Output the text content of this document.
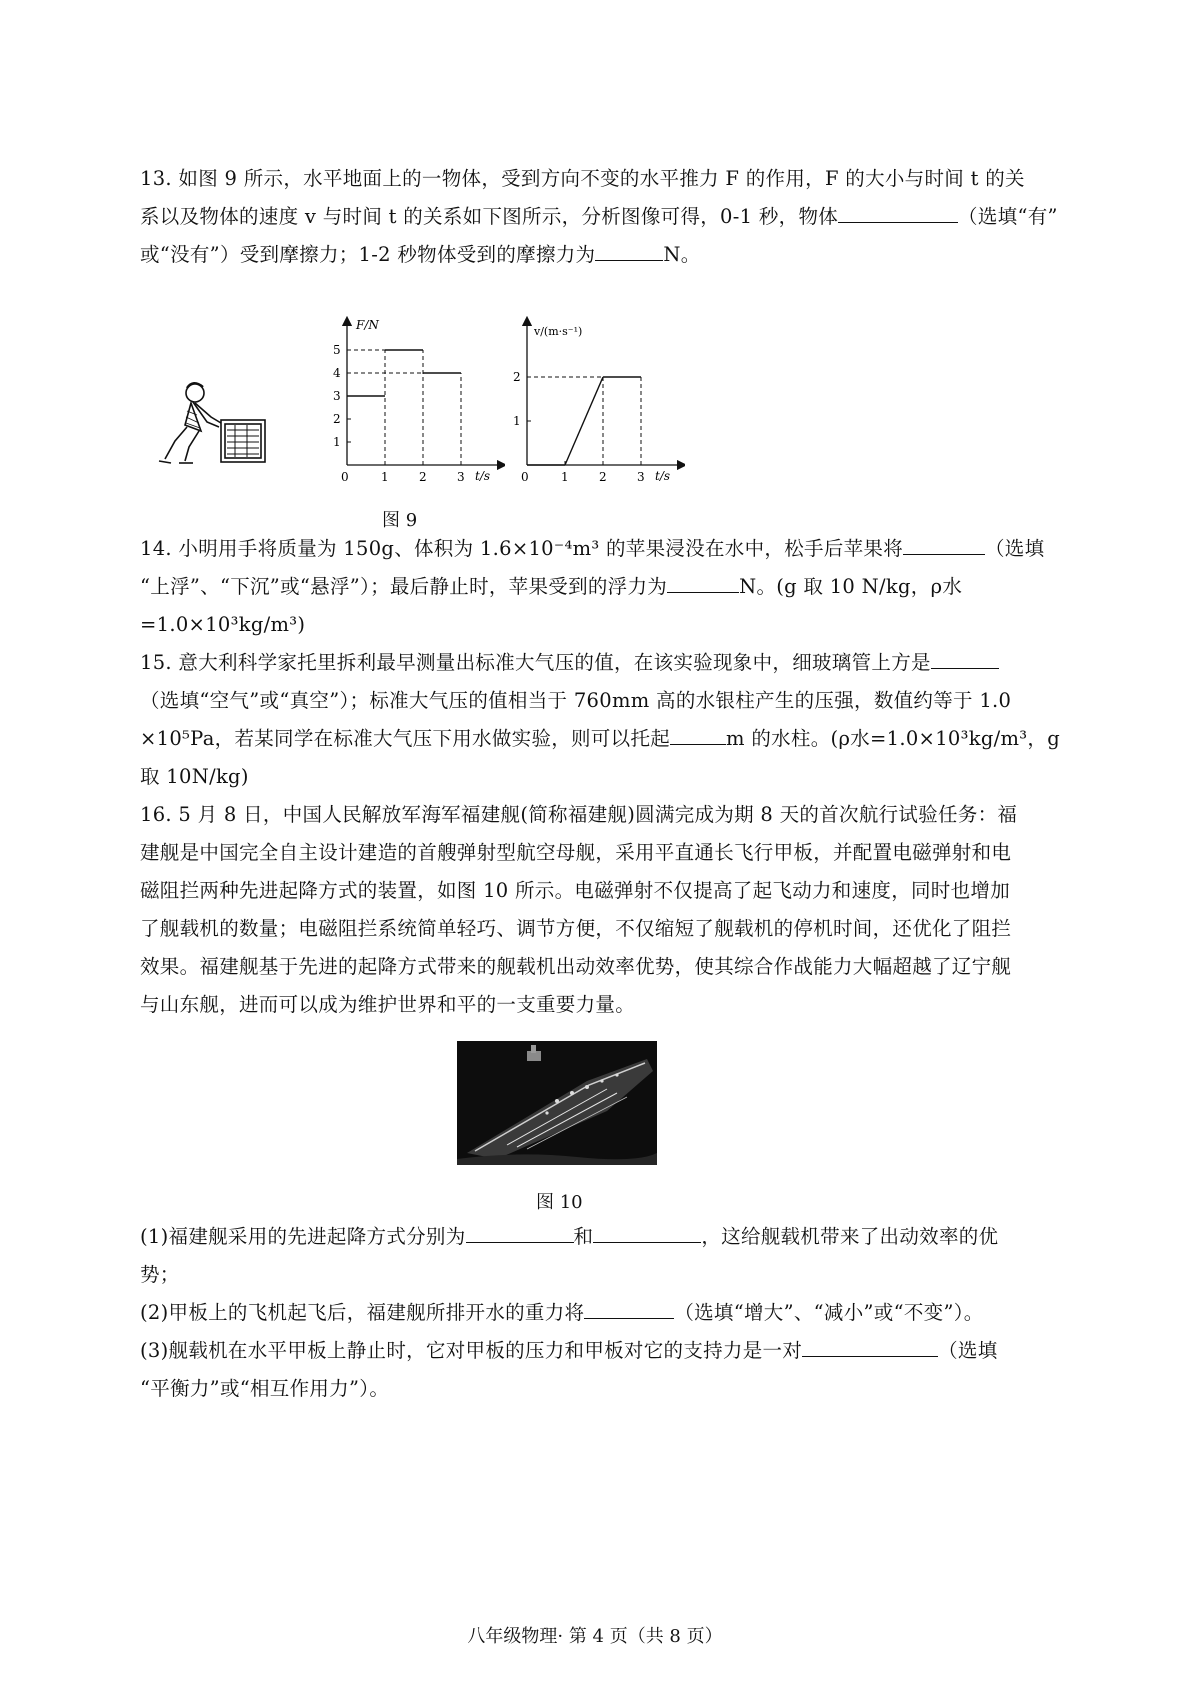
13. 如图 9 所示，水平地面上的一物体，受到方向不变的水平推力 F 的作用，F 的大小与时间 t 的关

系以及物体的速度 v 与时间 t 的关系如下图所示，分析图像可得，0-1 秒，物体	（选填“有”

或“没有”）受到摩擦力；1-2 秒物体受到的摩擦力为	N。

F/N
t/s
0	1	2	3
1
2
3
4
5
v/(m·s⁻¹)
t/s
0	1	2	3
1
2
图 9

14. 小明用手将质量为 150g、体积为 1.6×10⁻⁴m³ 的苹果浸没在水中，松手后苹果将	（选填

“上浮”、“下沉”或“悬浮”）；最后静止时，苹果受到的浮力为	N。(g 取 10 N/kg，ρ水

=1.0×10³kg/m³)

15. 意大利科学家托里拆利最早测量出标准大气压的值，在该实验现象中，细玻璃管上方是

（选填“空气”或“真空”）；标准大气压的值相当于 760mm 高的水银柱产生的压强，数值约等于 1.0

×10⁵Pa，若某同学在标准大气压下用水做实验，则可以托起	m 的水柱。(ρ水=1.0×10³kg/m³，g

取 10N/kg)

16. 5 月 8 日，中国人民解放军海军福建舰(简称福建舰)圆满完成为期 8 天的首次航行试验任务：福

建舰是中国完全自主设计建造的首艘弹射型航空母舰，采用平直通长飞行甲板，并配置电磁弹射和电

磁阻拦两种先进起降方式的装置，如图 10 所示。电磁弹射不仅提高了起飞动力和速度，同时也增加

了舰载机的数量；电磁阻拦系统简单轻巧、调节方便，不仅缩短了舰载机的停机时间，还优化了阻拦

效果。福建舰基于先进的起降方式带来的舰载机出动效率优势，使其综合作战能力大幅超越了辽宁舰

与山东舰，进而可以成为维护世界和平的一支重要力量。

图 10

(1)福建舰采用的先进起降方式分别为	和	，这给舰载机带来了出动效率的优

势；

(2)甲板上的飞机起飞后，福建舰所排开水的重力将	（选填“增大”、“减小”或“不变”）。

(3)舰载机在水平甲板上静止时，它对甲板的压力和甲板对它的支持力是一对	（选填

“平衡力”或“相互作用力”）。

八年级物理· 第 4 页（共 8 页）
